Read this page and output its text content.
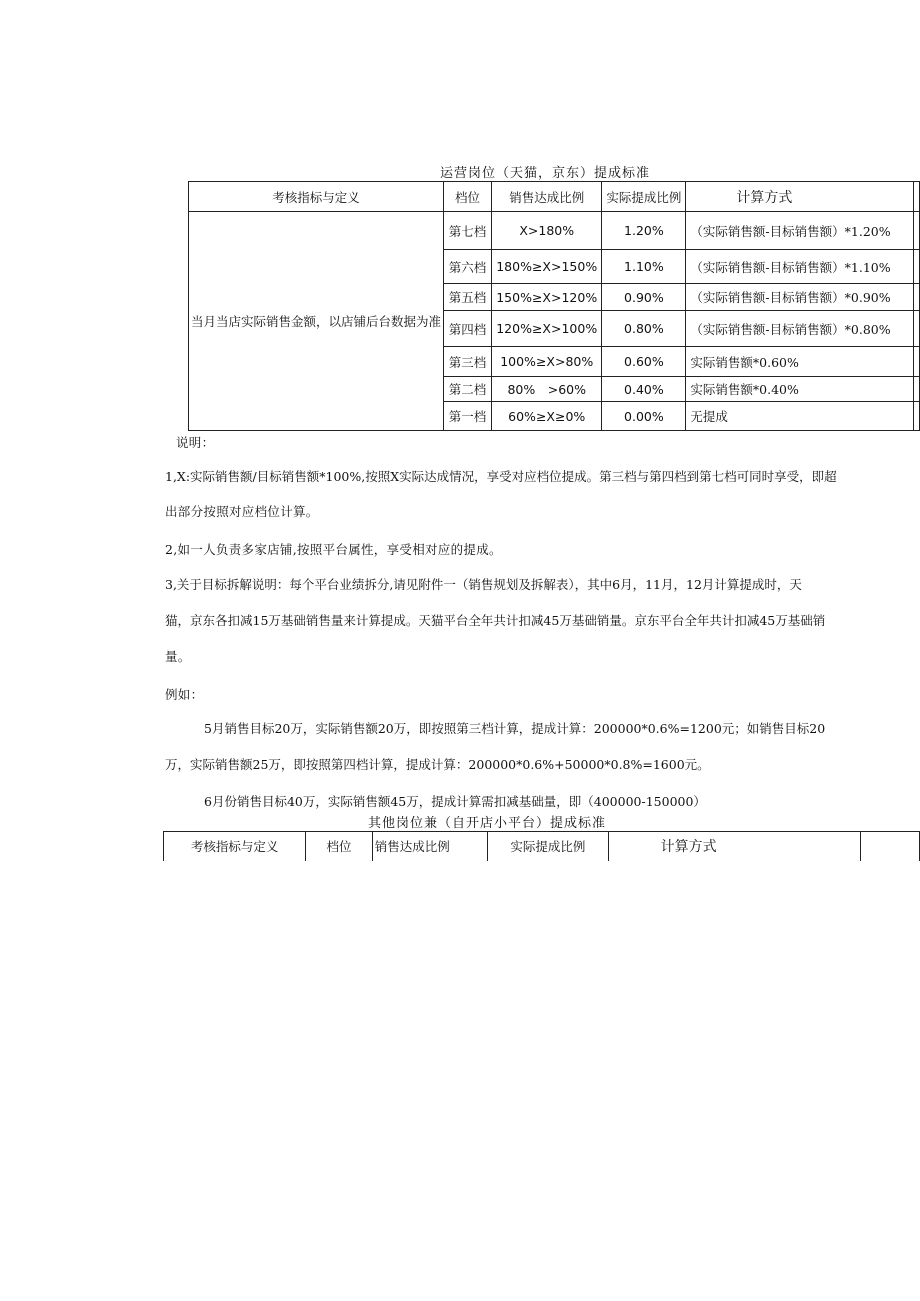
运营岗位（天猫，京东）提成标准
考核指标与定义	档位	销售达成比例	实际提成比例	计算方式	
当月当店实际销售金额，以店铺后台数据为准	第七档	X>180%	1.20%	（实际销售额-目标销售额）*1.20%	
	第六档	180%≥X>150%	1.10%	（实际销售额-目标销售额）*1.10%	
	第五档	150%≥X>120%	0.90%	（实际销售额-目标销售额）*0.90%	
	第四档	120%≥X>100%	0.80%	（实际销售额-目标销售额）*0.80%	
	第三档	100%≥X>80%	0.60%	实际销售额*0.60%	
	第二档	80%　>60%	0.40%	实际销售额*0.40%	
	第一档	60%≥X≥0%	0.00%	无提成	
说明：
1,X:实际销售额/目标销售额*100%,按照X实际达成情况，享受对应档位提成。第三档与第四档到第七档可同时享受，即超
出部分按照对应档位计算。
2,如一人负责多家店铺,按照平台属性，享受相对应的提成。
3,关于目标拆解说明：每个平台业绩拆分,请见附件一（销售规划及拆解表），其中6月，11月，12月计算提成时，天
猫，京东各扣减15万基础销售量来计算提成。天猫平台全年共计扣减45万基础销量。京东平台全年共计扣减45万基础销
量。
例如：
5月销售目标20万，实际销售额20万，即按照第三档计算，提成计算：200000*0.6%=1200元；如销售目标20
万，实际销售额25万，即按照第四档计算，提成计算：200000*0.6%+50000*0.8%=1600元。
6月份销售目标40万，实际销售额45万，提成计算需扣减基础量，即（400000-150000）
其他岗位兼（自开店小平台）提成标准
考核指标与定义	档位	销售达成比例	实际提成比例	计算方式	
